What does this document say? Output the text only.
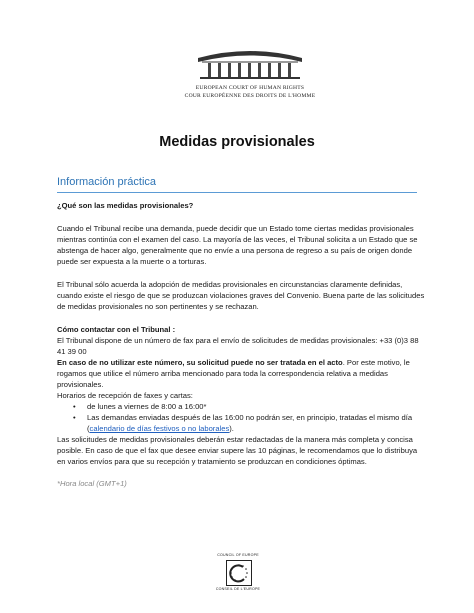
EUROPEAN COURT OF HUMAN RIGHTS
COUR EUROPÉENNE DES DROITS DE L'HOMME
Medidas provisionales
Información práctica

¿Qué son las medidas provisionales?

Cuando el Tribunal recibe una demanda, puede decidir que un Estado tome ciertas medidas provisionales mientras continúa con el examen del caso. La mayoría de las veces, el Tribunal solicita a un Estado que se abstenga de hacer algo, generalmente que no envíe a una persona de regreso a su país de origen donde puede ser expuesta a la muerte o a torturas.

El Tribunal sólo acuerda la adopción de medidas provisionales en circunstancias claramente definidas, cuando existe el riesgo de que se produzcan violaciones graves del Convenio. Buena parte de las solicitudes de medidas provisionales no son pertinentes y se rechazan.

Cómo contactar con el Tribunal :

El Tribunal dispone de un número de fax para el envío de solicitudes de medidas provisionales: +33 (0)3 88 41 39 00

En caso de no utilizar este número, su solicitud puede no ser tratada en el acto. Por este motivo, le rogamos que utilice el número arriba mencionado para toda la correspondencia relativa a medidas provisionales.

Horarios de recepción de faxes y cartas:

• de lunes a viernes de 8:00 a 16:00*
• Las demandas enviadas después de las 16:00 no podrán ser, en principio, tratadas el mismo día (calendario de días festivos o no laborales).

Las solicitudes de medidas provisionales deberán estar redactadas de la manera más completa y concisa posible. En caso de que el fax que desee enviar supere las 10 páginas, le recomendamos que lo distribuya en varios envíos para que su recepción y tratamiento se produzcan en condiciones óptimas.

*Hora local (GMT+1)

COUNCIL OF EUROPE
CONSEIL DE L'EUROPE
